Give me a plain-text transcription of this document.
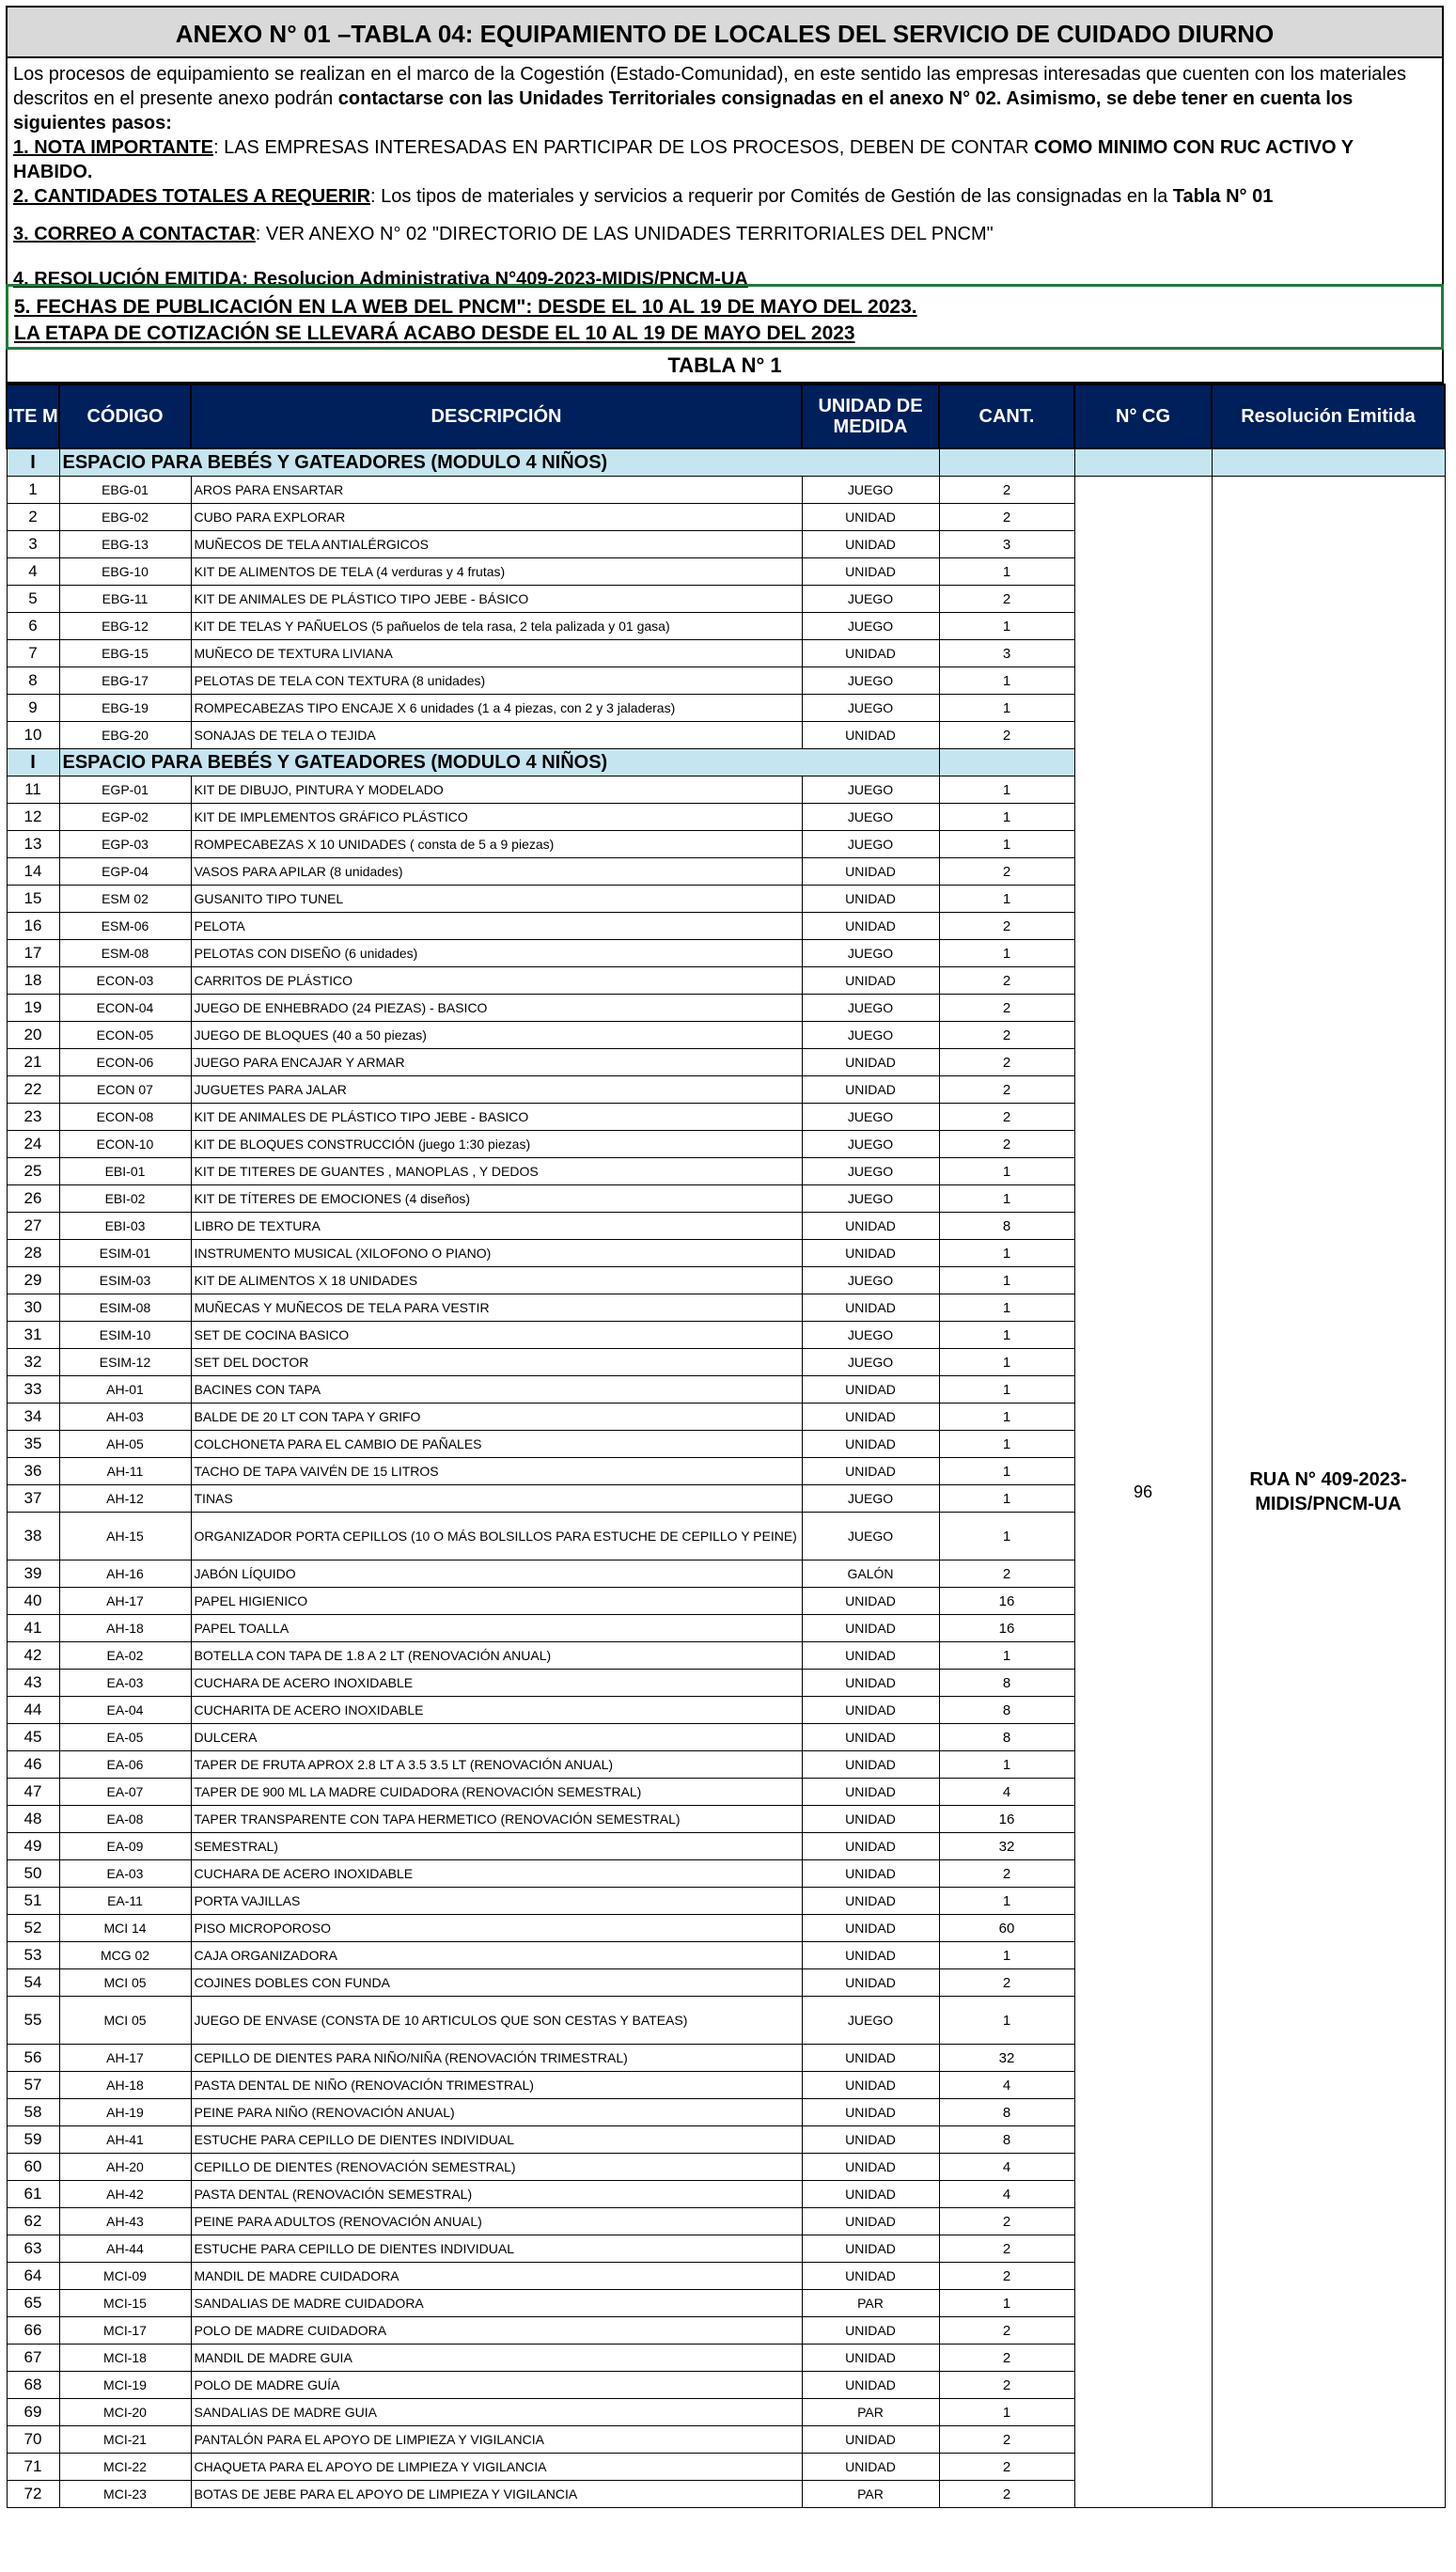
ANEXO N° 01 –TABLA 04: EQUIPAMIENTO DE LOCALES DEL SERVICIO DE CUIDADO DIURNO

Los procesos de equipamiento se realizan en el marco de la Cogestión (Estado-Comunidad), en este sentido las empresas interesadas que cuenten con los materiales descritos en el presente anexo podrán contactarse con las Unidades Territoriales consignadas en el anexo N° 02. Asimismo, se debe tener en cuenta los siguientes pasos:

1. NOTA IMPORTANTE: LAS EMPRESAS INTERESADAS EN PARTICIPAR DE LOS PROCESOS, DEBEN DE CONTAR COMO MINIMO CON RUC ACTIVO Y HABIDO.

2. CANTIDADES TOTALES A REQUERIR: Los tipos de materiales y servicios a requerir por Comités de Gestión de las consignadas en la Tabla N° 01

3. CORREO A CONTACTAR: VER ANEXO N° 02 "DIRECTORIO DE LAS UNIDADES TERRITORIALES DEL PNCM"

4. RESOLUCIÓN EMITIDA: Resolucion Administrativa N°409-2023-MIDIS/PNCM-UA

5. FECHAS DE PUBLICACIÓN EN LA WEB DEL PNCM": DESDE EL 10 AL 19 DE MAYO DEL 2023.
LA ETAPA DE COTIZACIÓN SE LLEVARÁ ACABO DESDE EL 10 AL 19 DE MAYO DEL 2023
TABLA N° 1
ITE M	CÓDIGO	DESCRIPCIÓN	UNIDAD DE MEDIDA	CANT.	N° CG	Resolución Emitida
I	ESPACIO PARA BEBÉS Y GATEADORES (MODULO 4 NIÑOS)					
1	EBG-01	AROS PARA ENSARTAR	JUEGO	2	96	RUA N° 409-2023-MIDIS/PNCM-UA
2	EBG-02	CUBO PARA EXPLORAR	UNIDAD	2		
3	EBG-13	MUÑECOS DE TELA ANTIALÉRGICOS	UNIDAD	3		
4	EBG-10	KIT DE ALIMENTOS DE TELA (4 verduras y 4 frutas)	UNIDAD	1		
5	EBG-11	KIT DE ANIMALES DE PLÁSTICO TIPO JEBE - BÁSICO	JUEGO	2		
6	EBG-12	KIT DE TELAS Y PAÑUELOS (5 pañuelos de tela rasa, 2 tela palizada y 01 gasa)	JUEGO	1		
7	EBG-15	MUÑECO DE TEXTURA LIVIANA	UNIDAD	3		
8	EBG-17	PELOTAS DE TELA CON TEXTURA (8 unidades)	JUEGO	1		
9	EBG-19	ROMPECABEZAS TIPO ENCAJE X 6 unidades (1 a 4 piezas, con 2 y 3 jaladeras)	JUEGO	1		
10	EBG-20	SONAJAS DE TELA O TEJIDA	UNIDAD	2		
I	ESPACIO PARA BEBÉS Y GATEADORES (MODULO 4 NIÑOS)					
11	EGP-01	KIT DE DIBUJO, PINTURA Y MODELADO	JUEGO	1		
12	EGP-02	KIT DE IMPLEMENTOS GRÁFICO PLÁSTICO	JUEGO	1		
13	EGP-03	ROMPECABEZAS X 10 UNIDADES ( consta de 5 a 9 piezas)	JUEGO	1		
14	EGP-04	VASOS PARA APILAR (8 unidades)	UNIDAD	2		
15	ESM 02	GUSANITO TIPO TUNEL	UNIDAD	1		
16	ESM-06	PELOTA	UNIDAD	2		
17	ESM-08	PELOTAS CON DISEÑO (6 unidades)	JUEGO	1		
18	ECON-03	CARRITOS DE PLÁSTICO	UNIDAD	2		
19	ECON-04	JUEGO DE ENHEBRADO (24 PIEZAS) - BASICO	JUEGO	2		
20	ECON-05	JUEGO DE BLOQUES (40 a 50 piezas)	JUEGO	2		
21	ECON-06	JUEGO PARA ENCAJAR Y ARMAR	UNIDAD	2		
22	ECON 07	JUGUETES PARA JALAR	UNIDAD	2		
23	ECON-08	KIT DE ANIMALES DE PLÁSTICO TIPO JEBE - BASICO	JUEGO	2		
24	ECON-10	KIT DE BLOQUES CONSTRUCCIÓN (juego 1:30 piezas)	JUEGO	2		
25	EBI-01	KIT DE TITERES DE GUANTES , MANOPLAS , Y DEDOS	JUEGO	1		
26	EBI-02	KIT DE TÍTERES DE EMOCIONES (4 diseños)	JUEGO	1		
27	EBI-03	LIBRO DE TEXTURA	UNIDAD	8		
28	ESIM-01	INSTRUMENTO MUSICAL (XILOFONO O PIANO)	UNIDAD	1		
29	ESIM-03	KIT DE ALIMENTOS X 18 UNIDADES	JUEGO	1		
30	ESIM-08	MUÑECAS Y MUÑECOS DE TELA PARA VESTIR	UNIDAD	1		
31	ESIM-10	SET DE COCINA BASICO	JUEGO	1		
32	ESIM-12	SET DEL DOCTOR	JUEGO	1		
33	AH-01	BACINES CON TAPA	UNIDAD	1		
34	AH-03	BALDE DE 20 LT CON TAPA Y GRIFO	UNIDAD	1		
35	AH-05	COLCHONETA PARA EL CAMBIO DE PAÑALES	UNIDAD	1		
36	AH-11	TACHO DE TAPA VAIVÉN DE 15 LITROS	UNIDAD	1		
37	AH-12	TINAS	JUEGO	1		
38	AH-15	ORGANIZADOR PORTA CEPILLOS (10 O MÁS BOLSILLOS PARA ESTUCHE DE CEPILLO Y PEINE)	JUEGO	1		
39	AH-16	JABÓN LÍQUIDO	GALÓN	2		
40	AH-17	PAPEL HIGIENICO	UNIDAD	16		
41	AH-18	PAPEL TOALLA	UNIDAD	16		
42	EA-02	BOTELLA CON TAPA DE 1.8 A 2 LT (RENOVACIÓN ANUAL)	UNIDAD	1		
43	EA-03	CUCHARA DE ACERO INOXIDABLE	UNIDAD	8		
44	EA-04	CUCHARITA DE ACERO INOXIDABLE	UNIDAD	8		
45	EA-05	DULCERA	UNIDAD	8		
46	EA-06	TAPER DE FRUTA APROX 2.8 LT A 3.5 3.5 LT (RENOVACIÓN ANUAL)	UNIDAD	1		
47	EA-07	TAPER DE 900 ML LA MADRE CUIDADORA (RENOVACIÓN SEMESTRAL)	UNIDAD	4		
48	EA-08	TAPER TRANSPARENTE CON TAPA HERMETICO (RENOVACIÓN SEMESTRAL)	UNIDAD	16		
49	EA-09	SEMESTRAL)	UNIDAD	32		
50	EA-03	CUCHARA DE ACERO INOXIDABLE	UNIDAD	2		
51	EA-11	PORTA VAJILLAS	UNIDAD	1		
52	MCI 14	PISO MICROPOROSO	UNIDAD	60		
53	MCG 02	CAJA ORGANIZADORA	UNIDAD	1		
54	MCI 05	COJINES DOBLES CON FUNDA	UNIDAD	2		
55	MCI 05	JUEGO DE ENVASE (CONSTA DE 10 ARTICULOS QUE SON CESTAS Y BATEAS)	JUEGO	1		
56	AH-17	CEPILLO DE DIENTES PARA NIÑO/NIÑA (RENOVACIÓN TRIMESTRAL)	UNIDAD	32		
57	AH-18	PASTA DENTAL DE NIÑO (RENOVACIÓN TRIMESTRAL)	UNIDAD	4		
58	AH-19	PEINE PARA NIÑO (RENOVACIÓN ANUAL)	UNIDAD	8		
59	AH-41	ESTUCHE PARA CEPILLO DE DIENTES INDIVIDUAL	UNIDAD	8		
60	AH-20	CEPILLO DE DIENTES (RENOVACIÓN SEMESTRAL)	UNIDAD	4		
61	AH-42	PASTA DENTAL (RENOVACIÓN SEMESTRAL)	UNIDAD	4		
62	AH-43	PEINE PARA ADULTOS (RENOVACIÓN ANUAL)	UNIDAD	2		
63	AH-44	ESTUCHE PARA CEPILLO DE DIENTES INDIVIDUAL	UNIDAD	2		
64	MCI-09	MANDIL DE MADRE CUIDADORA	UNIDAD	2		
65	MCI-15	SANDALIAS DE MADRE CUIDADORA	PAR	1		
66	MCI-17	POLO DE MADRE CUIDADORA	UNIDAD	2		
67	MCI-18	MANDIL DE MADRE GUIA	UNIDAD	2		
68	MCI-19	POLO DE MADRE GUÍA	UNIDAD	2		
69	MCI-20	SANDALIAS DE MADRE GUIA	PAR	1		
70	MCI-21	PANTALÓN PARA EL APOYO DE LIMPIEZA Y VIGILANCIA	UNIDAD	2		
71	MCI-22	CHAQUETA PARA EL APOYO DE LIMPIEZA Y VIGILANCIA	UNIDAD	2		
72	MCI-23	BOTAS DE JEBE PARA EL APOYO DE LIMPIEZA Y VIGILANCIA	PAR	2		
